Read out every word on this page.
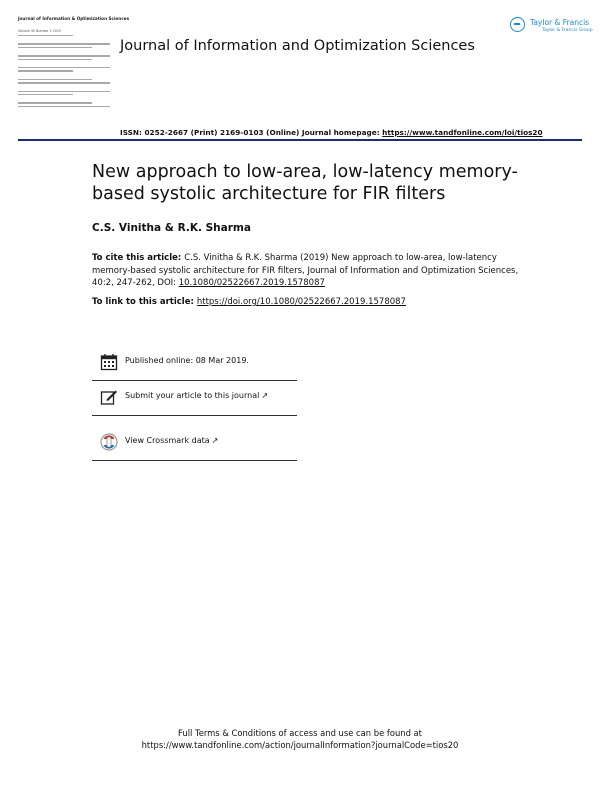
Journal of Information & Optimization Sciences
Volume 40 Number 2 2019
Journal of Information and Optimization Sciences
Taylor & Francis
Taylor & Francis Group
ISSN: 0252-2667 (Print) 2169-0103 (Online) Journal homepage: https://www.tandfonline.com/loi/tios20
New approach to low-area, low-latency memory-based systolic architecture for FIR filters
C.S. Vinitha & R.K. Sharma
To cite this article: C.S. Vinitha & R.K. Sharma (2019) New approach to low-area, low-latency memory-based systolic architecture for FIR filters, Journal of Information and Optimization Sciences, 40:2, 247-262, DOI: 10.1080/02522667.2019.1578087
To link to this article: https://doi.org/10.1080/02522667.2019.1578087
Published online: 08 Mar 2019.
Submit your article to this journal ↗
View Crossmark data ↗
Full Terms & Conditions of access and use can be found at
https://www.tandfonline.com/action/journalInformation?journalCode=tios20
